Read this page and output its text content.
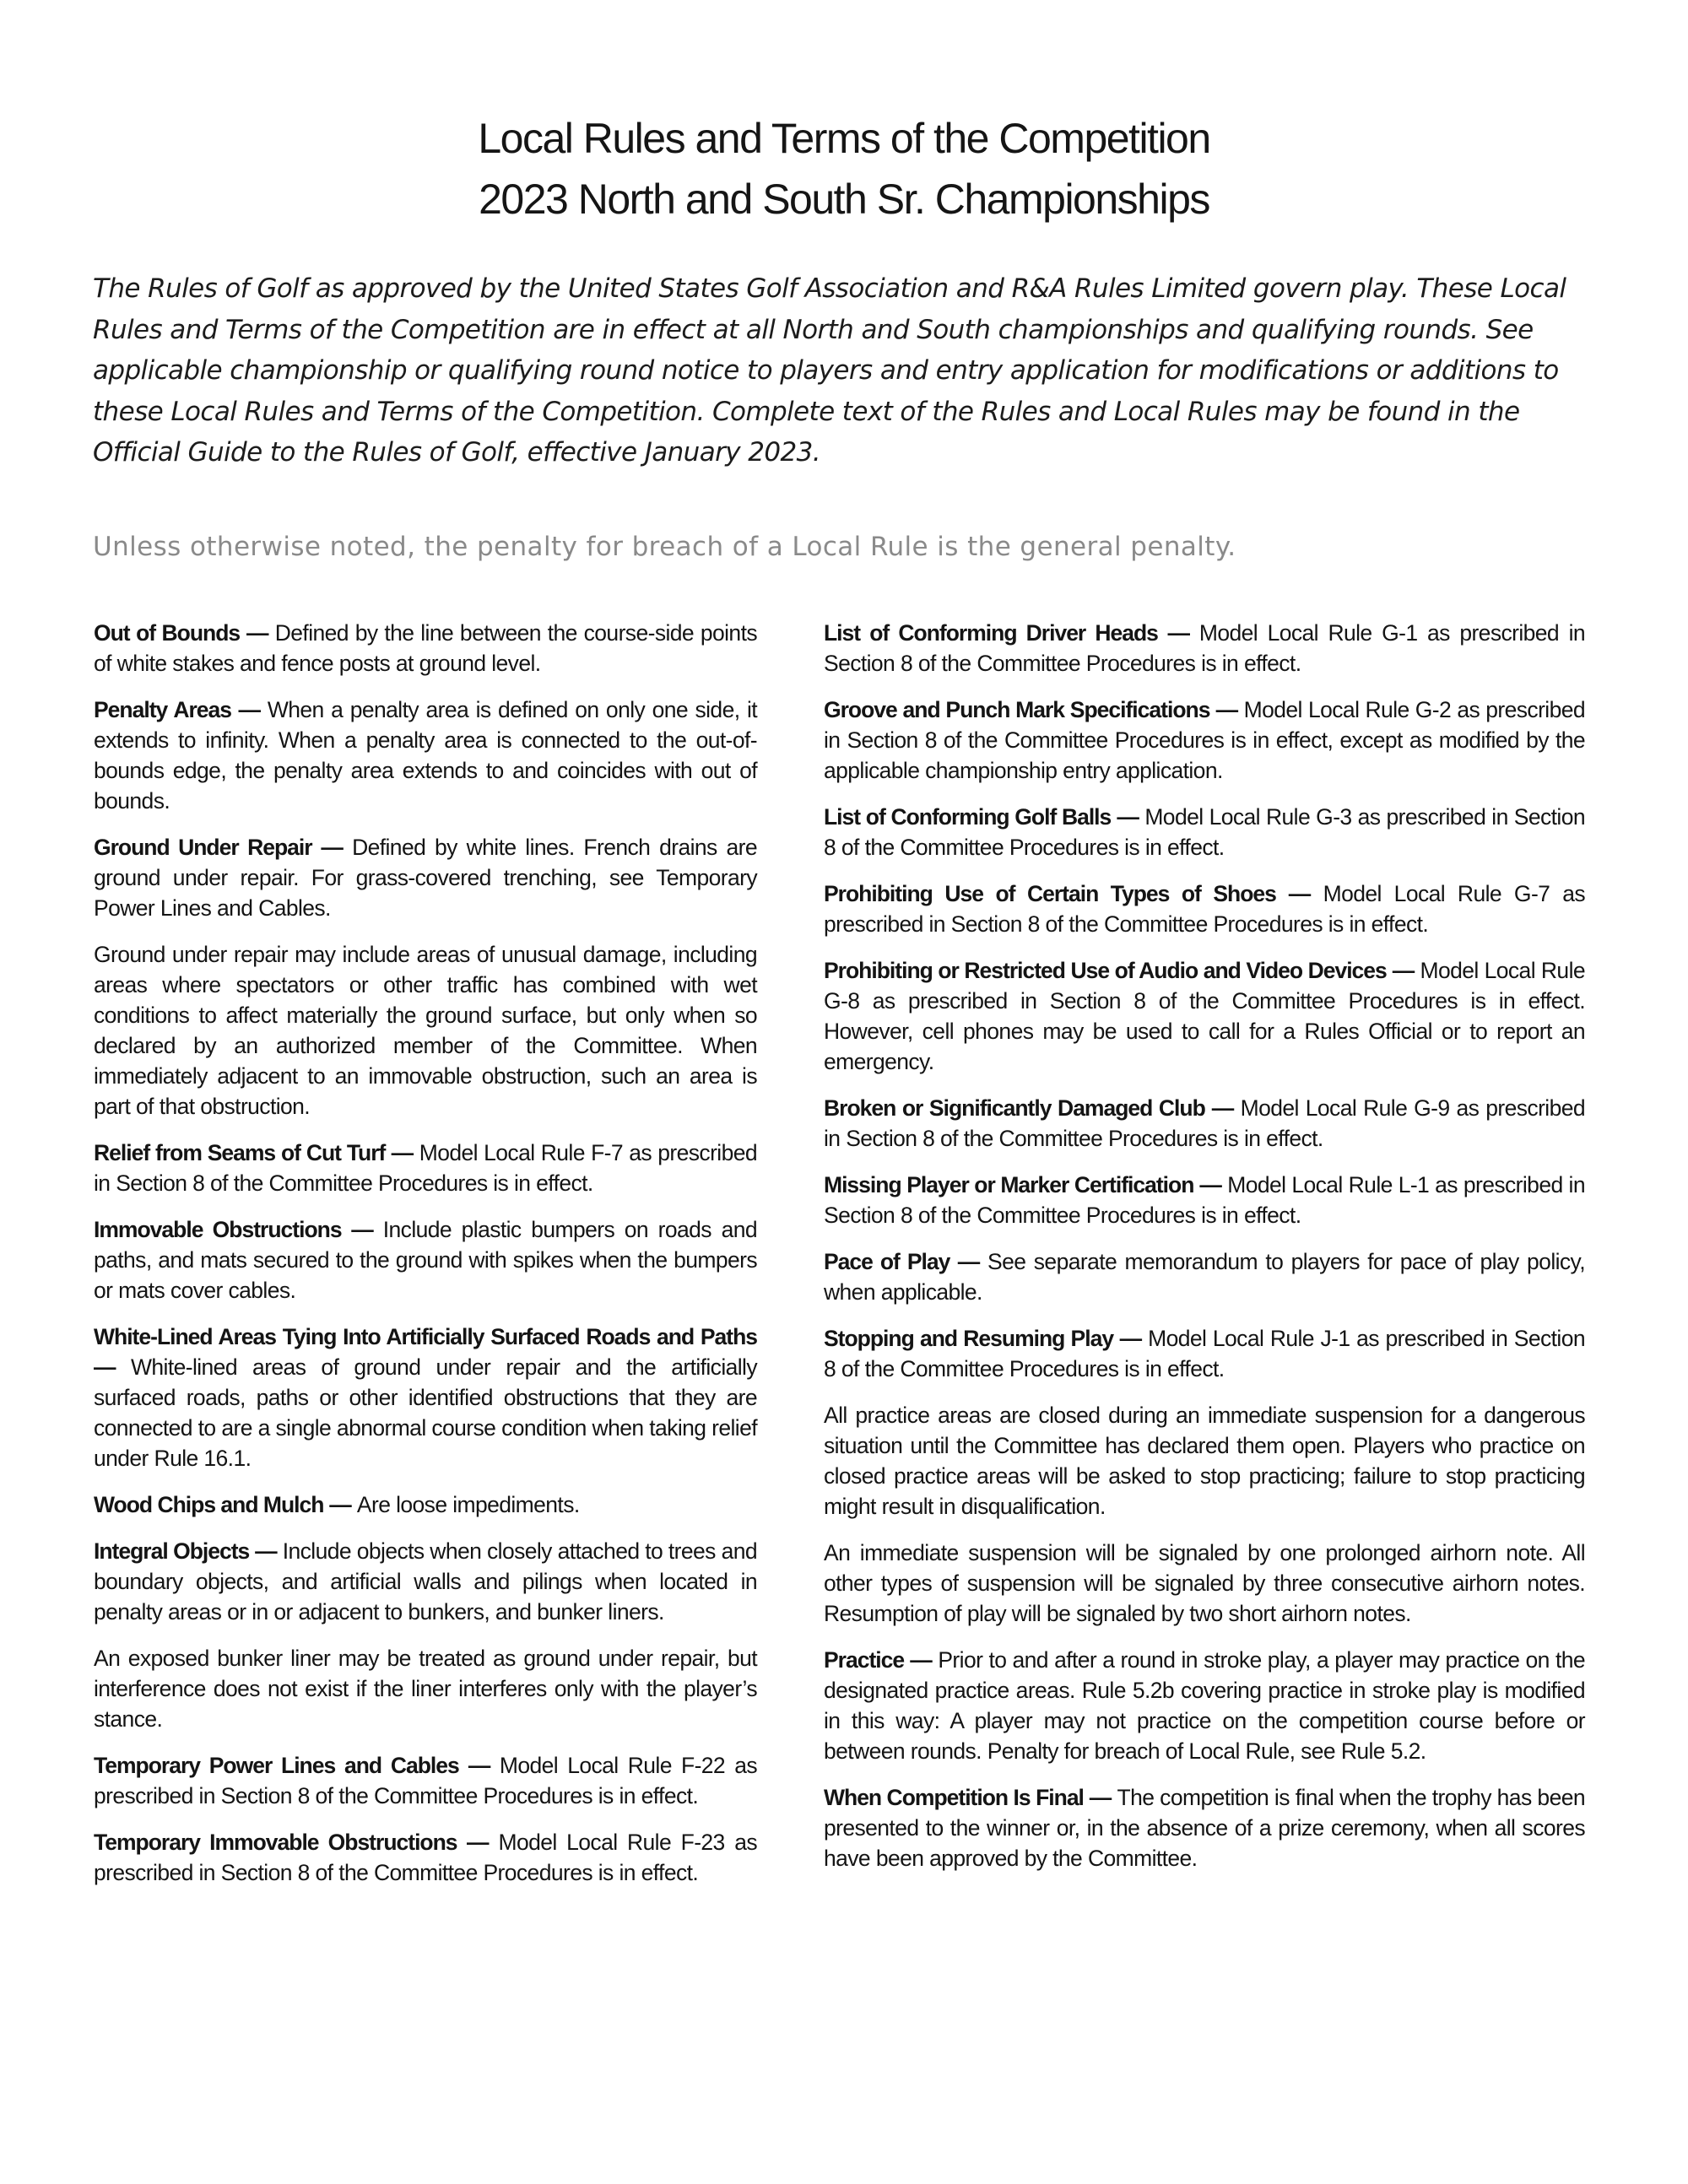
Local Rules and Terms of the Competition
2023 North and South Sr. Championships

The Rules of Golf as approved by the United States Golf Association and R&A Rules Limited govern play. These Local Rules and Terms of the Competition are in effect at all North and South championships and qualifying rounds. See applicable championship or qualifying round notice to players and entry application for modifications or additions to these Local Rules and Terms of the Competition. Complete text of the Rules and Local Rules may be found in the Official Guide to the Rules of Golf, effective January 2023.

Unless otherwise noted, the penalty for breach of a Local Rule is the general penalty.

Out of Bounds — Defined by the line between the course-side points of white stakes and fence posts at ground level.

Penalty Areas — When a penalty area is defined on only one side, it extends to infinity. When a penalty area is connected to the out-of-bounds edge, the penalty area extends to and coincides with out of bounds.

Ground Under Repair — Defined by white lines. French drains are ground under repair. For grass-covered trenching, see Temporary Power Lines and Cables.

Ground under repair may include areas of unusual damage, including areas where spectators or other traffic has combined with wet conditions to affect materially the ground surface, but only when so declared by an authorized member of the Committee. When immediately adjacent to an immovable obstruction, such an area is part of that obstruction.

Relief from Seams of Cut Turf — Model Local Rule F-7 as prescribed in Section 8 of the Committee Procedures is in effect.

Immovable Obstructions — Include plastic bumpers on roads and paths, and mats secured to the ground with spikes when the bumpers or mats cover cables.

White-Lined Areas Tying Into Artificially Surfaced Roads and Paths — White-lined areas of ground under repair and the artificially surfaced roads, paths or other identified obstructions that they are connected to are a single abnormal course condition when taking relief under Rule 16.1.

Wood Chips and Mulch — Are loose impediments.

Integral Objects — Include objects when closely attached to trees and boundary objects, and artificial walls and pilings when located in penalty areas or in or adjacent to bunkers, and bunker liners.

An exposed bunker liner may be treated as ground under repair, but interference does not exist if the liner interferes only with the player’s stance.

Temporary Power Lines and Cables — Model Local Rule F-22 as prescribed in Section 8 of the Committee Procedures is in effect.

Temporary Immovable Obstructions — Model Local Rule F-23 as prescribed in Section 8 of the Committee Procedures is in effect.

List of Conforming Driver Heads — Model Local Rule G-1 as prescribed in Section 8 of the Committee Procedures is in effect.

Groove and Punch Mark Specifications — Model Local Rule G-2 as prescribed in Section 8 of the Committee Procedures is in effect, except as modified by the applicable championship entry application.

List of Conforming Golf Balls — Model Local Rule G-3 as prescribed in Section 8 of the Committee Procedures is in effect.

Prohibiting Use of Certain Types of Shoes — Model Local Rule G-7 as prescribed in Section 8 of the Committee Procedures is in effect.

Prohibiting or Restricted Use of Audio and Video Devices — Model Local Rule G-8 as prescribed in Section 8 of the Committee Procedures is in effect. However, cell phones may be used to call for a Rules Official or to report an emergency.

Broken or Significantly Damaged Club — Model Local Rule G-9 as prescribed in Section 8 of the Committee Procedures is in effect.

Missing Player or Marker Certification — Model Local Rule L-1 as prescribed in Section 8 of the Committee Procedures is in effect.

Pace of Play — See separate memorandum to players for pace of play policy, when applicable.

Stopping and Resuming Play — Model Local Rule J-1 as prescribed in Section 8 of the Committee Procedures is in effect.

All practice areas are closed during an immediate suspension for a dangerous situation until the Committee has declared them open. Players who practice on closed practice areas will be asked to stop practicing; failure to stop practicing might result in disqualification.

An immediate suspension will be signaled by one prolonged airhorn note. All other types of suspension will be signaled by three consecutive airhorn notes. Resumption of play will be signaled by two short airhorn notes.

Practice — Prior to and after a round in stroke play, a player may practice on the designated practice areas. Rule 5.2b covering practice in stroke play is modified in this way: A player may not practice on the competition course before or between rounds. Penalty for breach of Local Rule, see Rule 5.2.

When Competition Is Final — The competition is final when the trophy has been presented to the winner or, in the absence of a prize ceremony, when all scores have been approved by the Committee.
